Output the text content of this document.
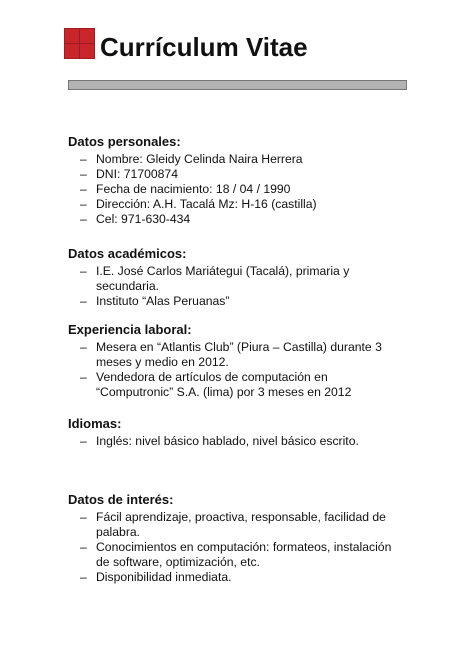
Currículum Vitae
Datos personales:
– Nombre: Gleidy Celinda Naira Herrera
– DNI: 71700874
– Fecha de nacimiento: 18 / 04 / 1990
– Dirección: A.H. Tacalá Mz: H-16 (castilla)
– Cel: 971-630-434
Datos académicos:
– I.E. José Carlos Mariátegui (Tacalá), primaria y secundaria.
– Instituto “Alas Peruanas”
Experiencia laboral:
– Mesera en “Atlantis Club” (Piura – Castilla) durante 3 meses y medio en 2012.
– Vendedora de artículos de computación en “Computronic” S.A. (lima) por 3 meses en 2012
Idiomas:
– Inglés: nivel básico hablado, nivel básico escrito.
Datos de interés:
– Fácil aprendizaje, proactiva, responsable, facilidad de palabra.
– Conocimientos en computación: formateos, instalación de software, optimización, etc.
– Disponibilidad inmediata.
